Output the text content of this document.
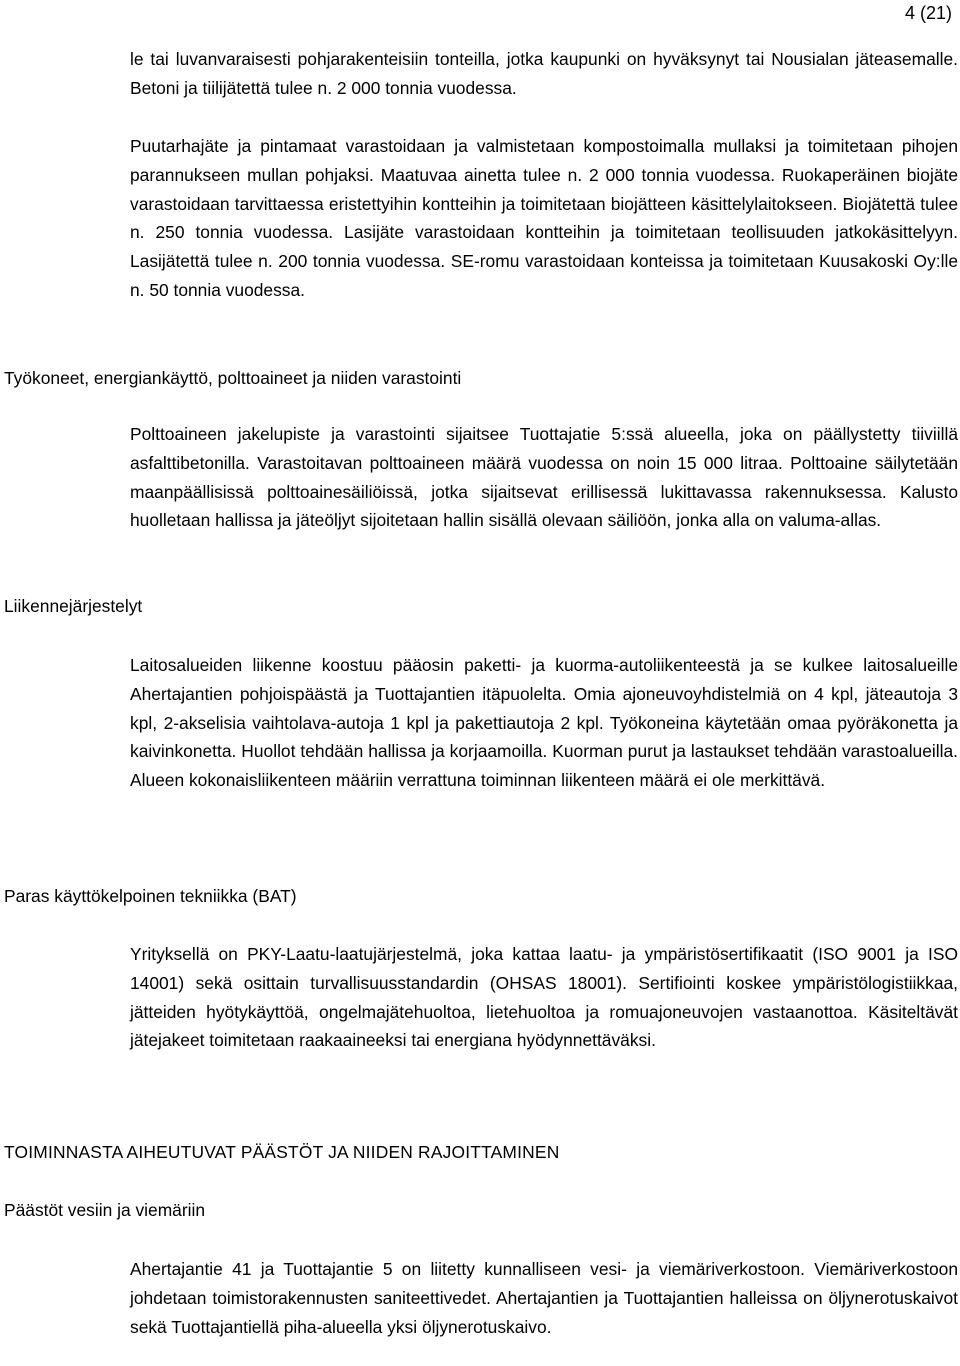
4 (21)

le tai luvanvaraisesti pohjarakenteisiin tonteilla, jotka kaupunki on hyväksynyt tai Nousialan jäteasemalle. Betoni ja tiilijätettä tulee n. 2 000 tonnia vuodessa.

Puutarhajäte ja pintamaat varastoidaan ja valmistetaan kompostoimalla mullaksi ja toimitetaan pihojen parannukseen mullan pohjaksi. Maatuvaa ainetta tulee n. 2 000 tonnia vuodessa. Ruokaperäinen biojäte varastoidaan tarvittaessa eristettyihin kontteihin ja toimitetaan biojätteen käsittelylaitokseen. Biojätettä tulee n. 250 tonnia vuodessa. Lasijäte varastoidaan kontteihin ja toimitetaan teollisuuden jatkokäsittelyyn. Lasijätettä tulee n. 200 tonnia vuodessa. SE-romu varastoidaan konteissa ja toimitetaan Kuusakoski Oy:lle n. 50 tonnia vuodessa.

Työkoneet, energiankäyttö, polttoaineet ja niiden varastointi

Polttoaineen jakelupiste ja varastointi sijaitsee Tuottajatie 5:ssä alueella, joka on päällystetty tiiviillä asfalttibetonilla. Varastoitavan polttoaineen määrä vuodessa on noin 15 000 litraa. Polttoaine säilytetään maanpäällisissä polttoainesäiliöissä, jotka sijaitsevat erillisessä lukittavassa rakennuksessa. Kalusto huolletaan hallissa ja jäteöljyt sijoitetaan hallin sisällä olevaan säiliöön, jonka alla on valuma-allas.

Liikennejärjestelyt

Laitosalueiden liikenne koostuu pääosin paketti- ja kuorma-autoliikenteestä ja se kulkee laitosalueille Ahertajantien pohjoispäästä ja Tuottajantien itäpuolelta. Omia ajoneuvoyhdistelmiä on 4 kpl, jäteautoja 3 kpl, 2-akselisia vaihtolava-autoja 1 kpl ja pakettiautoja 2 kpl. Työkoneina käytetään omaa pyöräkonetta ja kaivinkonetta. Huollot tehdään hallissa ja korjaamoilla. Kuorman purut ja lastaukset tehdään varastoalueilla. Alueen kokonaisliikenteen määriin verrattuna toiminnan liikenteen määrä ei ole merkittävä.

Paras käyttökelpoinen tekniikka (BAT)

Yrityksellä on PKY-Laatu-laatujärjestelmä, joka kattaa laatu- ja ympäristösertifikaatit (ISO 9001 ja ISO 14001) sekä osittain turvallisuusstandardin (OHSAS 18001). Sertifiointi koskee ympäristölogistiikkaa, jätteiden hyötykäyttöä, ongelmajätehuoltoa, lietehuoltoa ja romuajoneuvojen vastaanottoa. Käsiteltävät jätejakeet toimitetaan raakaaineeksi tai energiana hyödynnettäväksi.

TOIMINNASTA AIHEUTUVAT PÄÄSTÖT JA NIIDEN RAJOITTAMINEN
Päästöt vesiin ja viemäriin

Ahertajantie 41 ja Tuottajantie 5 on liitetty kunnalliseen vesi- ja viemäriverkostoon. Viemäriverkostoon johdetaan toimistorakennusten saniteettivedet. Ahertajantien ja Tuottajantien halleissa on öljynerotuskaivot sekä Tuottajantiellä piha-alueella yksi öljynerotuskaivo.
